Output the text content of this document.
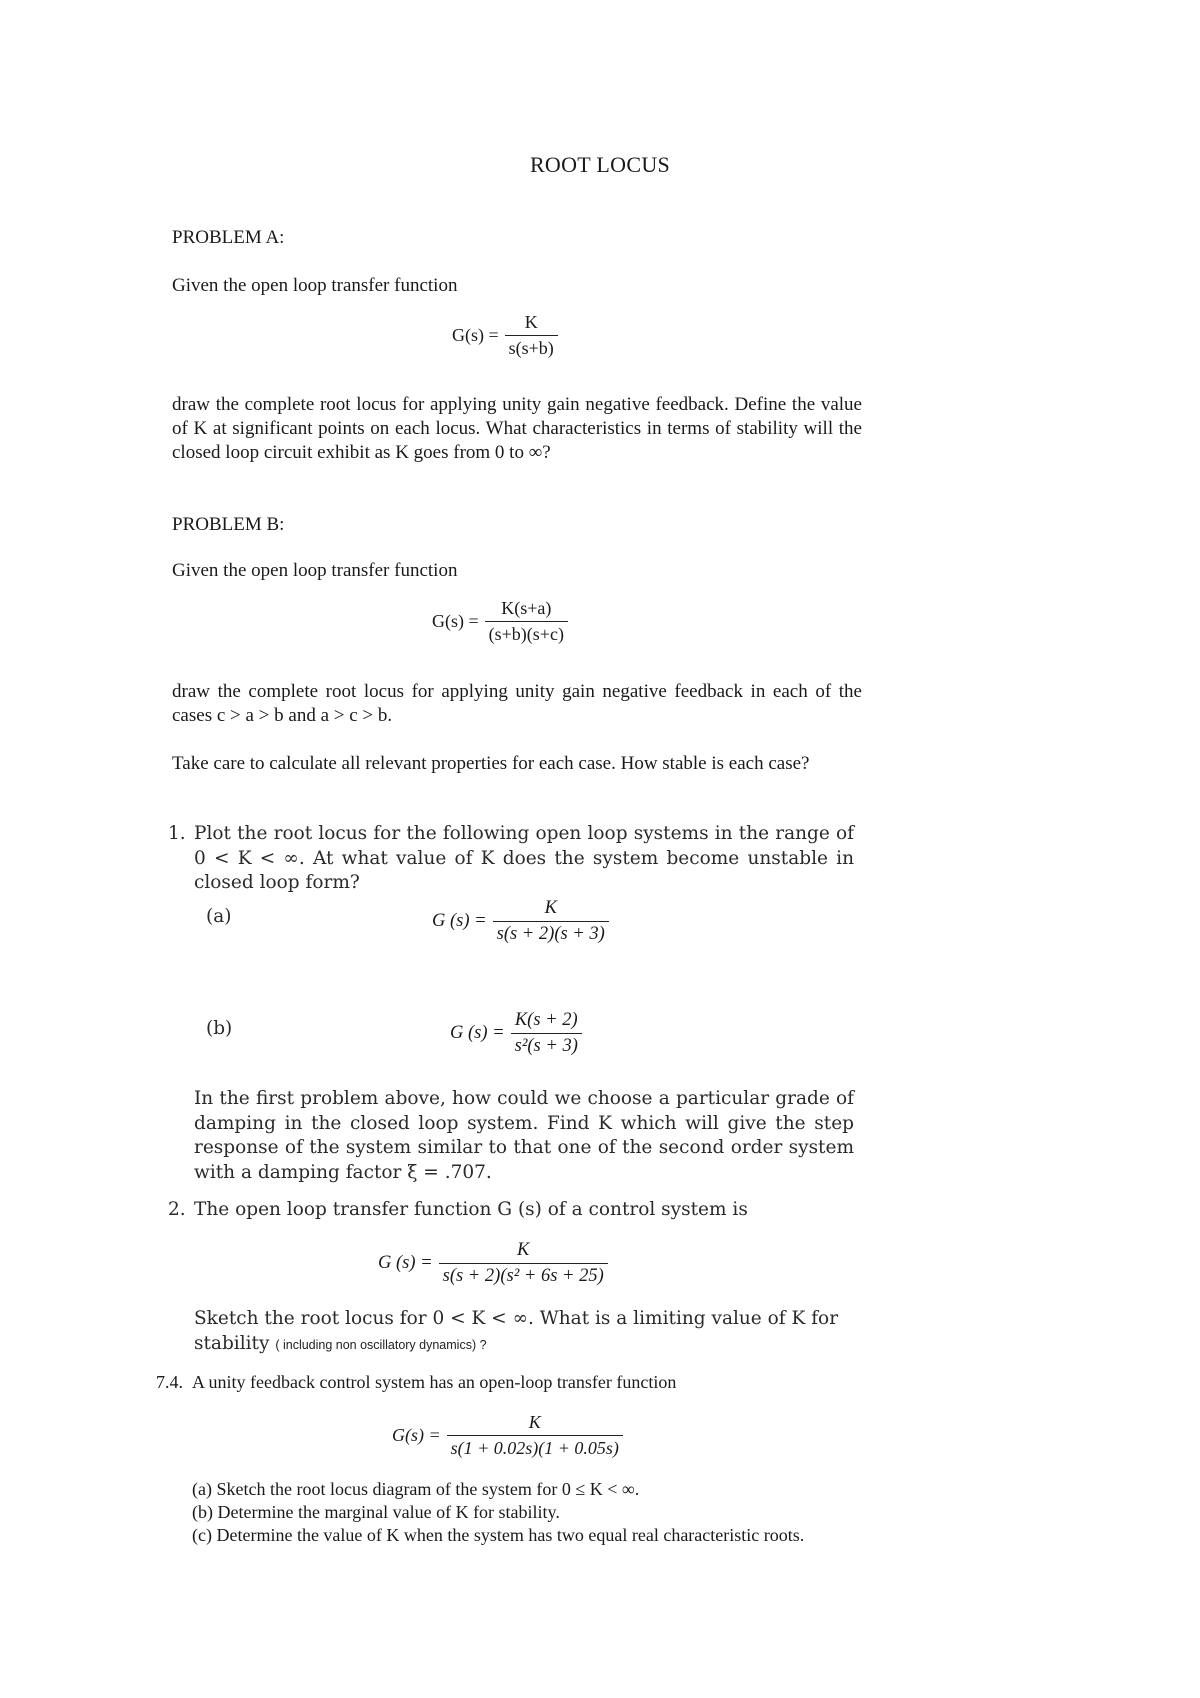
ROOT LOCUS
PROBLEM A:
Given the open loop transfer function
$G(s) = \frac{K}{s(s+b)}$
draw the complete root locus for applying unity gain negative feedback. Define the value of K at significant points on each locus. What characteristics in terms of stability will the closed loop circuit exhibit as K goes from 0 to ∞?
PROBLEM B:
Given the open loop transfer function
$G(s) = \frac{K(s+a)}{(s+b)(s+c)}$
draw the complete root locus for applying unity gain negative feedback in each of the cases c > a > b and a > c > b.
Take care to calculate all relevant properties for each case. How stable is each case?
1. Plot the root locus for the following open loop systems in the range of 0 < K < ∞. At what value of K does the system become unstable in closed loop form?
(a)	G $(s) = \frac{K}{s(s + 2)(s + 3)}$
(b)	G $(s) = \frac{K(s + 2)}{\text{s²(s + 3)}}$
In the first problem above, how could we choose a particular grade of damping in the closed loop system. Find K which will give the step response of the system similar to that one of the second order system with a damping factor ξ = .707.
2. The open loop transfer function G (s) of a control system is
G $(s) = \frac{K}{\text{s(s + 2)(s² + 6s + 25)}}$
Sketch the root locus for 0 < K < ∞. What is a limiting value of K for stability ( including non oscillatory dynamics) ?
7.4. A unity feedback control system has an open-loop transfer function
$G(s) = \frac{K}{s(1 + 0.02s)(1 + 0.05s)}$
(a) Sketch the root locus diagram of the system for 0 ≤ K < ∞.
(b) Determine the marginal value of K for stability.
(c) Determine the value of K when the system has two equal real characteristic roots.
